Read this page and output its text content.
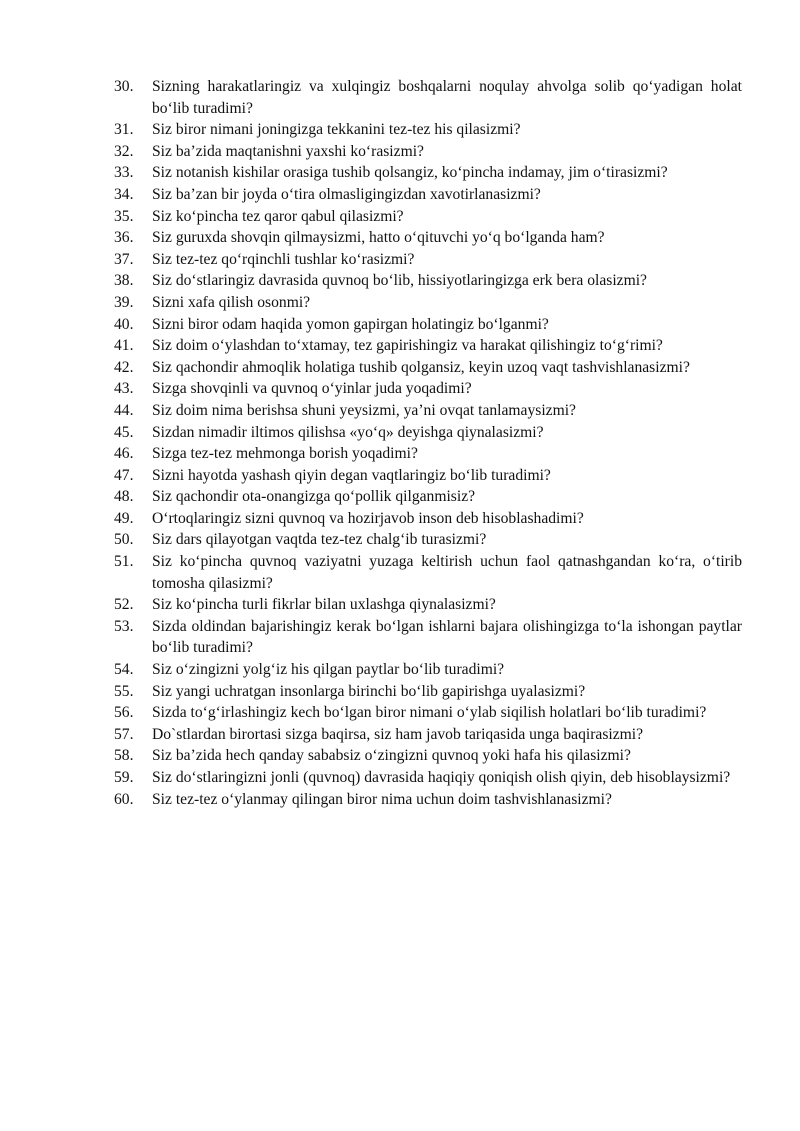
30.	Sizning harakatlaringiz va xulqingiz boshqalarni noqulay ahvolga solib qo‘yadigan holat bo‘lib turadimi?
31.	Siz biror nimani joningizga tekkanini tez-tez his qilasizmi?
32.	Siz ba’zida maqtanishni yaxshi ko‘rasizmi?
33.	Siz notanish kishilar orasiga tushib qolsangiz, ko‘pincha indamay, jim o‘tirasizmi?
34.	Siz ba’zan bir joyda o‘tira olmasligingizdan xavotirlanasizmi?
35.	Siz ko‘pincha tez qaror qabul qilasizmi?
36.	Siz guruxda shovqin qilmaysizmi, hatto o‘qituvchi yo‘q bo‘lganda ham?
37.	Siz tez-tez qo‘rqinchli tushlar ko‘rasizmi?
38.	Siz do‘stlaringiz davrasida quvnoq bo‘lib, hissiyotlaringizga erk bera olasizmi?
39.	Sizni xafa qilish osonmi?
40.	Sizni biror odam haqida yomon gapirgan holatingiz bo‘lganmi?
41.	Siz doim o‘ylashdan to‘xtamay, tez gapirishingiz va harakat qilishingiz to‘g‘rimi?
42.	Siz qachondir ahmoqlik holatiga tushib qolgansiz, keyin uzoq vaqt tashvishlanasizmi?
43.	Sizga shovqinli va quvnoq o‘yinlar juda yoqadimi?
44.	Siz doim nima berishsa shuni yeysizmi, ya’ni ovqat tanlamaysizmi?
45.	Sizdan nimadir iltimos qilishsa «yo‘q» deyishga qiynalasizmi?
46.	Sizga tez-tez mehmonga borish yoqadimi?
47.	Sizni hayotda yashash qiyin degan vaqtlaringiz bo‘lib turadimi?
48.	Siz qachondir ota-onangizga qo‘pollik qilganmisiz?
49.	O‘rtoqlaringiz sizni quvnoq va hozirjavob inson deb hisoblashadimi?
50.	Siz dars qilayotgan vaqtda tez-tez chalg‘ib turasizmi?
51.	Siz ko‘pincha quvnoq vaziyatni yuzaga keltirish uchun faol qatnashgandan ko‘ra, o‘tirib tomosha qilasizmi?
52.	Siz ko‘pincha turli fikrlar bilan uxlashga qiynalasizmi?
53.	Sizda oldindan bajarishingiz kerak bo‘lgan ishlarni bajara olishingizga to‘la ishongan paytlar bo‘lib turadimi?
54.	Siz o‘zingizni yolg‘iz his qilgan paytlar bo‘lib turadimi?
55.	Siz yangi uchratgan insonlarga birinchi bo‘lib gapirishga uyalasizmi?
56.	Sizda to‘g‘irlashingiz kech bo‘lgan biror nimani o‘ylab siqilish holatlari bo‘lib turadimi?
57.	Do`stlardan birortasi sizga baqirsa, siz ham javob tariqasida unga baqirasizmi?
58.	Siz ba’zida hech qanday sababsiz o‘zingizni quvnoq yoki hafa his qilasizmi?
59.	Siz do‘stlaringizni jonli (quvnoq) davrasida haqiqiy qoniqish olish qiyin, deb hisoblaysizmi?
60.	Siz tez-tez o‘ylanmay qilingan biror nima uchun doim tashvishlanasizmi?
